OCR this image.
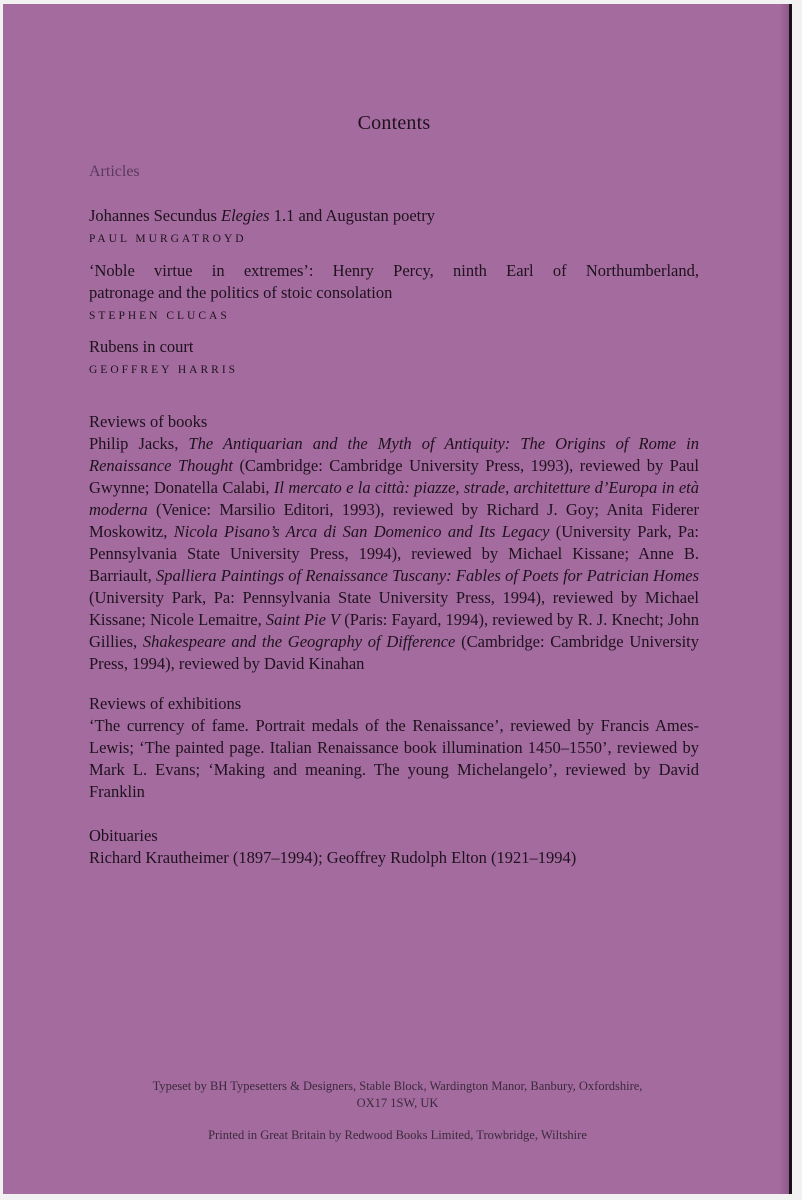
Contents
Articles
Johannes Secundus Elegies 1.1 and Augustan poetry
PAUL MURGATROYD
‘Noble virtue in extremes’: Henry Percy, ninth Earl of Northumberland,
patronage and the politics of stoic consolation
STEPHEN CLUCAS
Rubens in court
GEOFFREY HARRIS
Reviews of books
Philip Jacks, The Antiquarian and the Myth of Antiquity: The Origins of Rome in Renaissance Thought (Cambridge: Cambridge University Press, 1993), reviewed by Paul Gwynne; Donatella Calabi, Il mercato e la città: piazze, strade, architetture d’Europa in età moderna (Venice: Marsilio Editori, 1993), reviewed by Richard J. Goy; Anita Fiderer Moskowitz, Nicola Pisano’s Arca di San Domenico and Its Legacy (University Park, Pa: Pennsylvania State University Press, 1994), reviewed by Michael Kissane; Anne B. Barriault, Spalliera Paintings of Renaissance Tuscany: Fables of Poets for Patrician Homes (University Park, Pa: Pennsylvania State University Press, 1994), reviewed by Michael Kissane; Nicole Lemaitre, Saint Pie V (Paris: Fayard, 1994), reviewed by R. J. Knecht; John Gillies, Shakespeare and the Geography of Difference (Cambridge: Cambridge University Press, 1994), reviewed by David Kinahan
Reviews of exhibitions
‘The currency of fame. Portrait medals of the Renaissance’, reviewed by Francis Ames-Lewis; ‘The painted page. Italian Renaissance book illumination 1450–1550’, reviewed by Mark L. Evans; ‘Making and meaning. The young Michelangelo’, reviewed by David Franklin
Obituaries
Richard Krautheimer (1897–1994); Geoffrey Rudolph Elton (1921–1994)
Typeset by BH Typesetters & Designers, Stable Block, Wardington Manor, Banbury, Oxfordshire, OX17 1SW, UK
Printed in Great Britain by Redwood Books Limited, Trowbridge, Wiltshire
